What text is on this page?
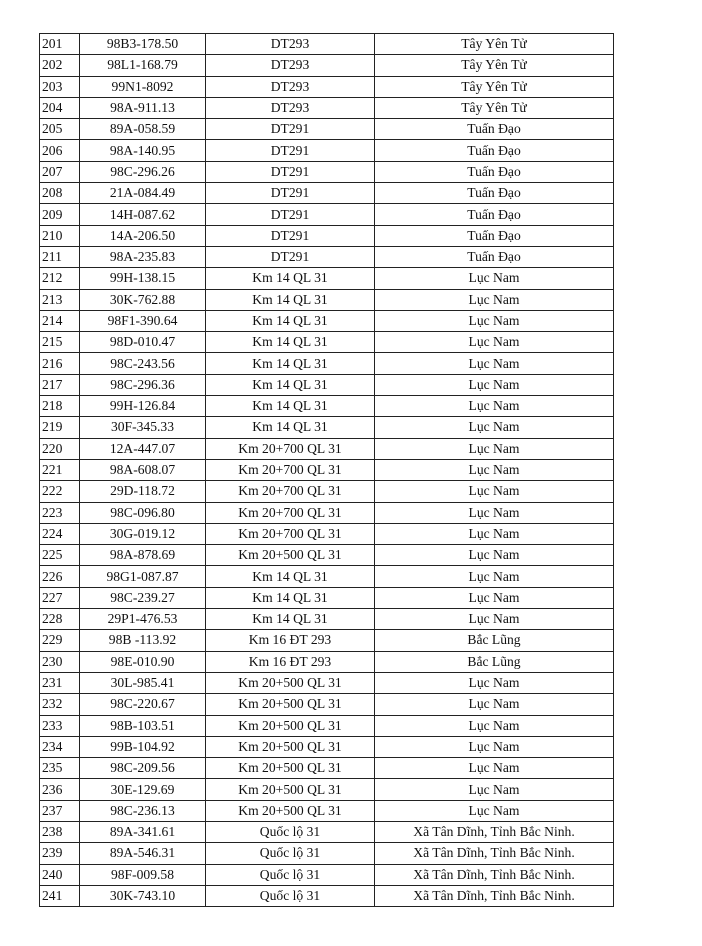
201	98B3-178.50	DT293	Tây Yên Tử
202	98L1-168.79	DT293	Tây Yên Tử
203	99N1-8092	DT293	Tây Yên Tử
204	98A-911.13	DT293	Tây Yên Tử
205	89A-058.59	DT291	Tuấn Đạo
206	98A-140.95	DT291	Tuấn Đạo
207	98C-296.26	DT291	Tuấn Đạo
208	21A-084.49	DT291	Tuấn Đạo
209	14H-087.62	DT291	Tuấn Đạo
210	14A-206.50	DT291	Tuấn Đạo
211	98A-235.83	DT291	Tuấn Đạo
212	99H-138.15	Km 14 QL 31	Lục Nam
213	30K-762.88	Km 14 QL 31	Lục Nam
214	98F1-390.64	Km 14 QL 31	Lục Nam
215	98D-010.47	Km 14 QL 31	Lục Nam
216	98C-243.56	Km 14 QL 31	Lục Nam
217	98C-296.36	Km 14 QL 31	Lục Nam
218	99H-126.84	Km 14 QL 31	Lục Nam
219	30F-345.33	Km 14 QL 31	Lục Nam
220	12A-447.07	Km 20+700 QL 31	Lục Nam
221	98A-608.07	Km 20+700 QL 31	Lục Nam
222	29D-118.72	Km 20+700 QL 31	Lục Nam
223	98C-096.80	Km 20+700 QL 31	Lục Nam
224	30G-019.12	Km 20+700 QL 31	Lục Nam
225	98A-878.69	Km 20+500 QL 31	Lục Nam
226	98G1-087.87	Km 14 QL 31	Lục Nam
227	98C-239.27	Km 14 QL 31	Lục Nam
228	29P1-476.53	Km 14 QL 31	Lục Nam
229	98B -113.92	Km 16 ĐT 293	Bắc Lũng
230	98E-010.90	Km 16 ĐT 293	Bắc Lũng
231	30L-985.41	Km 20+500 QL 31	Lục Nam
232	98C-220.67	Km 20+500 QL 31	Lục Nam
233	98B-103.51	Km 20+500 QL 31	Lục Nam
234	99B-104.92	Km 20+500 QL 31	Lục Nam
235	98C-209.56	Km 20+500 QL 31	Lục Nam
236	30E-129.69	Km 20+500 QL 31	Lục Nam
237	98C-236.13	Km 20+500 QL 31	Lục Nam
238	89A-341.61	Quốc lộ 31	Xã Tân Dĩnh, Tỉnh Bắc Ninh.
239	89A-546.31	Quốc lộ 31	Xã Tân Dĩnh, Tỉnh Bắc Ninh.
240	98F-009.58	Quốc lộ 31	Xã Tân Dĩnh, Tỉnh Bắc Ninh.
241	30K-743.10	Quốc lộ 31	Xã Tân Dĩnh, Tỉnh Bắc Ninh.
